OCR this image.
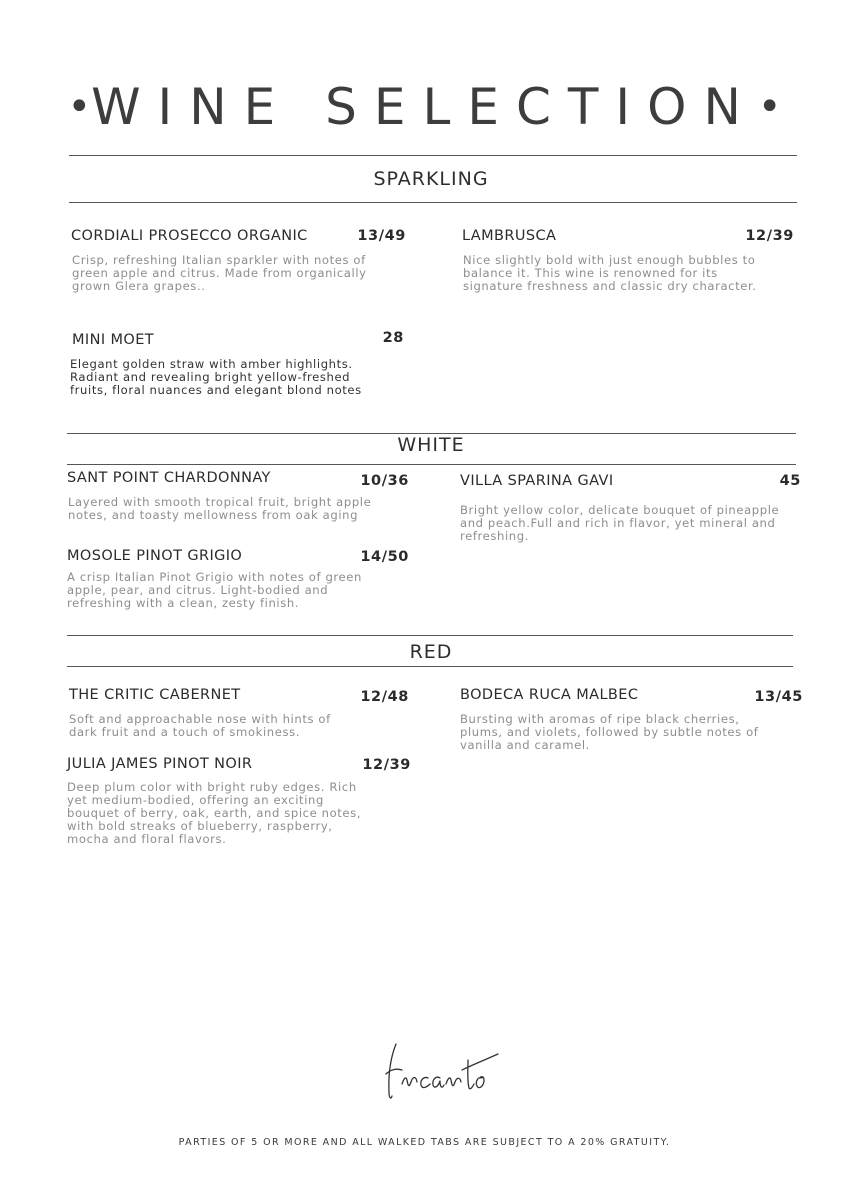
•WINE SELECTION•
SPARKLING
CORDIALI PROSECCO ORGANIC	13/49
Crisp, refreshing Italian sparkler with notes of green apple and citrus. Made from organically grown Glera grapes..
LAMBRUSCA	12/39
Nice slightly bold with just enough bubbles to balance it. This wine is renowned for its signature freshness and classic dry character.
MINI MOET	28
Elegant golden straw with amber highlights. Radiant and revealing bright yellow-freshed fruits, floral nuances and elegant blond notes
WHITE
SANT POINT CHARDONNAY	10/36
Layered with smooth tropical fruit, bright apple notes, and toasty mellowness from oak aging
VILLA SPARINA GAVI	45
Bright yellow color, delicate bouquet of pineapple and peach.Full and rich in flavor, yet mineral and refreshing.
MOSOLE PINOT GRIGIO	14/50
A crisp Italian Pinot Grigio with notes of green apple, pear, and citrus. Light-bodied and refreshing with a clean, zesty finish.
RED
THE CRITIC CABERNET	12/48
Soft and approachable nose with hints of dark fruit and a touch of smokiness.
BODECA RUCA MALBEC	13/45
Bursting with aromas of ripe black cherries, plums, and violets, followed by subtle notes of vanilla and caramel.
JULIA JAMES PINOT NOIR	12/39
Deep plum color with bright ruby edges. Rich yet medium-bodied, offering an exciting bouquet of berry, oak, earth, and spice notes, with bold streaks of blueberry, raspberry, mocha and floral flavors.
Incanto
PARTIES OF 5 OR MORE AND ALL WALKED TABS ARE SUBJECT TO A 20% GRATUITY.
